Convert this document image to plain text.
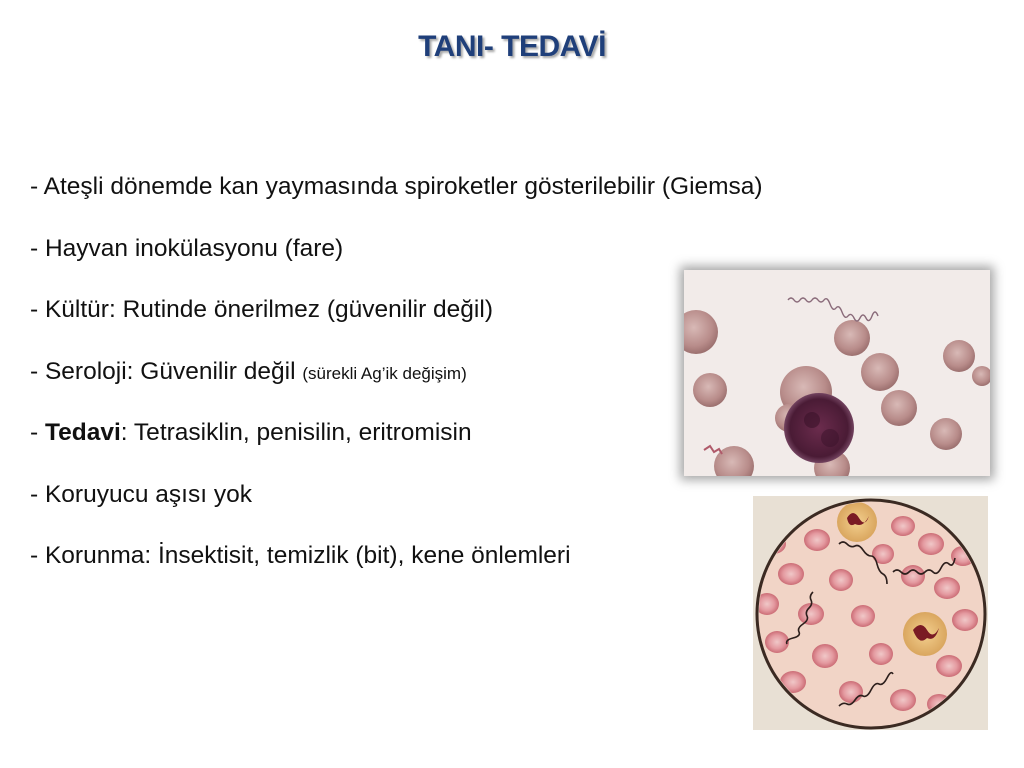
TANI- TEDAVİ
- Ateşli dönemde kan yaymasında spiroketler gösterilebilir (Giemsa)
- Hayvan inokülasyonu (fare)
- Kültür: Rutinde önerilmez (güvenilir değil)
- Seroloji: Güvenilir değil (sürekli Ag’ik değişim)
- Tedavi: Tetrasiklin, penisilin, eritromisin
- Koruyucu aşısı yok
- Korunma: İnsektisit, temizlik (bit), kene önlemleri
